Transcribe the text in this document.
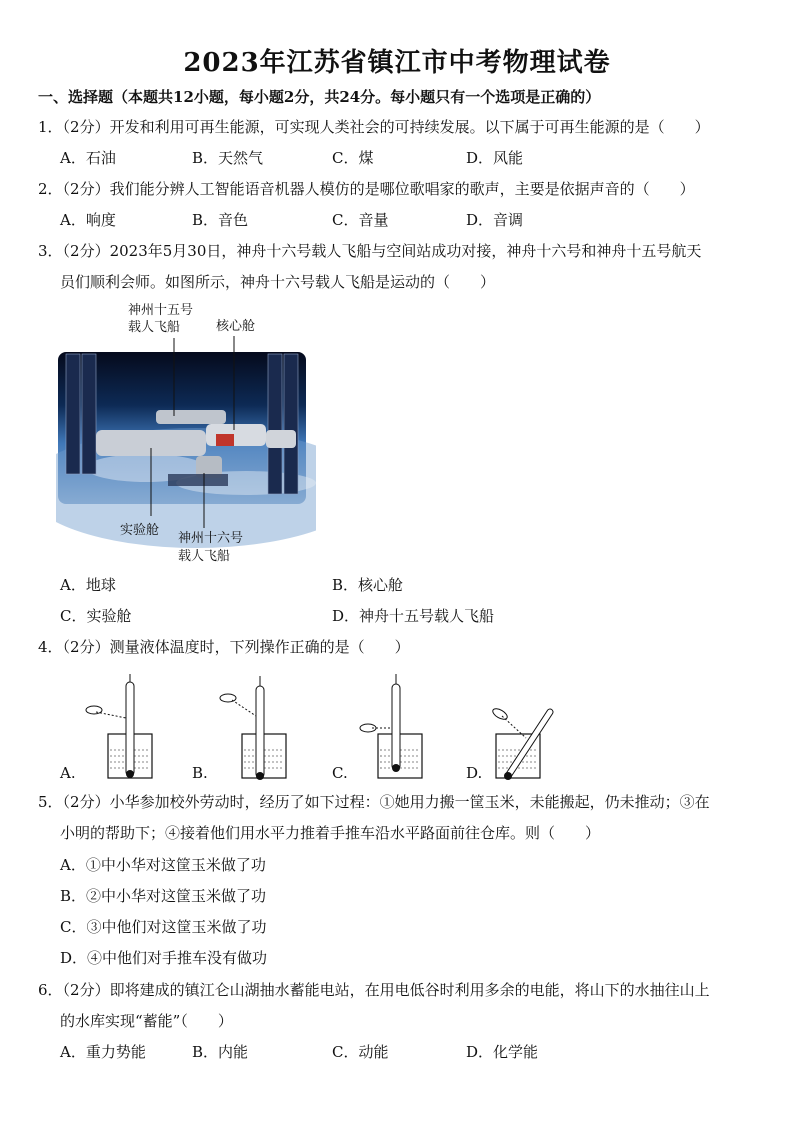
2023年江苏省镇江市中考物理试卷
一、选择题（本题共12小题，每小题2分，共24分。每小题只有一个选项是正确的）
1．（2分）开发和利用可再生能源，可实现人类社会的可持续发展。以下属于可再生能源的是（　　）
A．石油	B．天然气	C．煤	D．风能
2．（2分）我们能分辨人工智能语音机器人模仿的是哪位歌唱家的歌声，主要是依据声音的（　　）
A．响度	B．音色	C．音量	D．音调
3．（2分）2023年5月30日，神舟十六号载人飞船与空间站成功对接，神舟十六号和神舟十五号航天
员们顺利会师。如图所示，神舟十六号载人飞船是运动的（　　）
神州十五号
载人飞船	核心舱
实验舱
神州十六号
载人飞船
A．地球	B．核心舱
C．实验舱	D．神舟十五号载人飞船
4．（2分）测量液体温度时，下列操作正确的是（　　）
A.	B.	C.	D.
5．（2分）小华参加校外劳动时，经历了如下过程：①她用力搬一筐玉米，未能搬起，仍未推动；③在
小明的帮助下；④接着他们用水平力推着手推车沿水平路面前往仓库。则（　　）
A．①中小华对这筐玉米做了功
B．②中小华对这筐玉米做了功
C．③中他们对这筐玉米做了功
D．④中他们对手推车没有做功
6．（2分）即将建成的镇江仑山湖抽水蓄能电站，在用电低谷时利用多余的电能，将山下的水抽往山上
的水库实现“蓄能”（　　）
A．重力势能	B．内能	C．动能	D．化学能
